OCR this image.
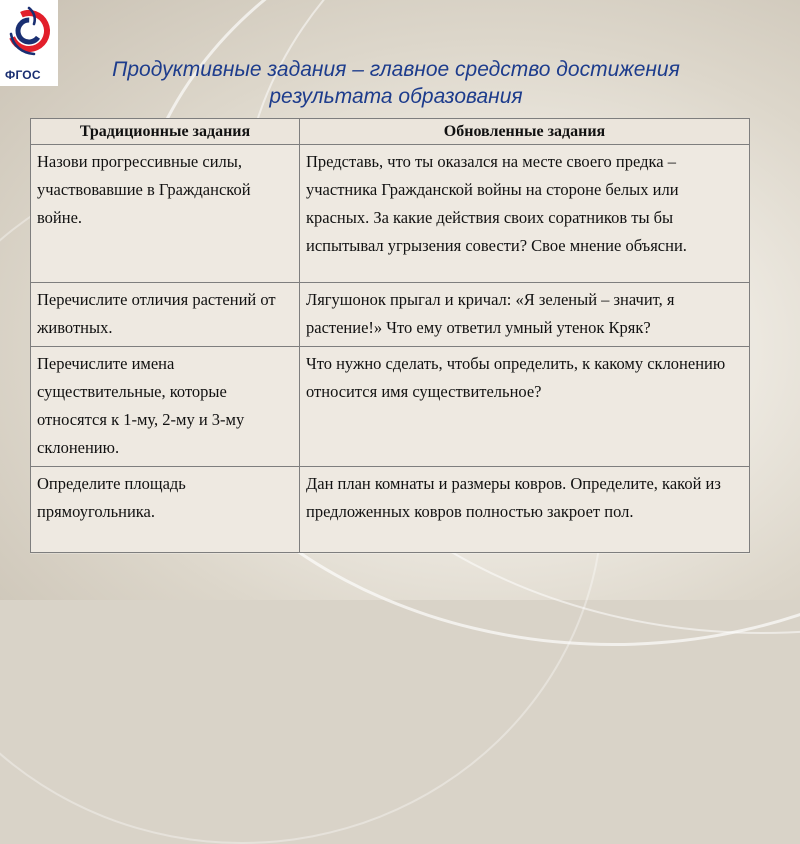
ФГОС	Продуктивные задания – главное средство достижения
результата образования
Традиционные задания	Обновленные задания
Назови прогрессивные силы, участвовавшие в Гражданской войне.	Представь, что ты оказался на месте своего предка – участника Гражданской войны на стороне белых или красных. За какие действия своих соратников ты бы испытывал угрызения совести? Свое мнение объясни.
Перечислите отличия растений от животных.	Лягушонок прыгал и кричал: «Я зеленый – значит, я растение!» Что ему ответил умный утенок Кряк?
Перечислите имена существительные, которые относятся к 1-му, 2-му и 3-му склонению.	Что нужно сделать, чтобы определить, к какому склонению относится имя существительное?
Определите площадь прямоугольника.	Дан план комнаты и размеры ковров. Определите, какой из предложенных ковров полностью закроет пол.
